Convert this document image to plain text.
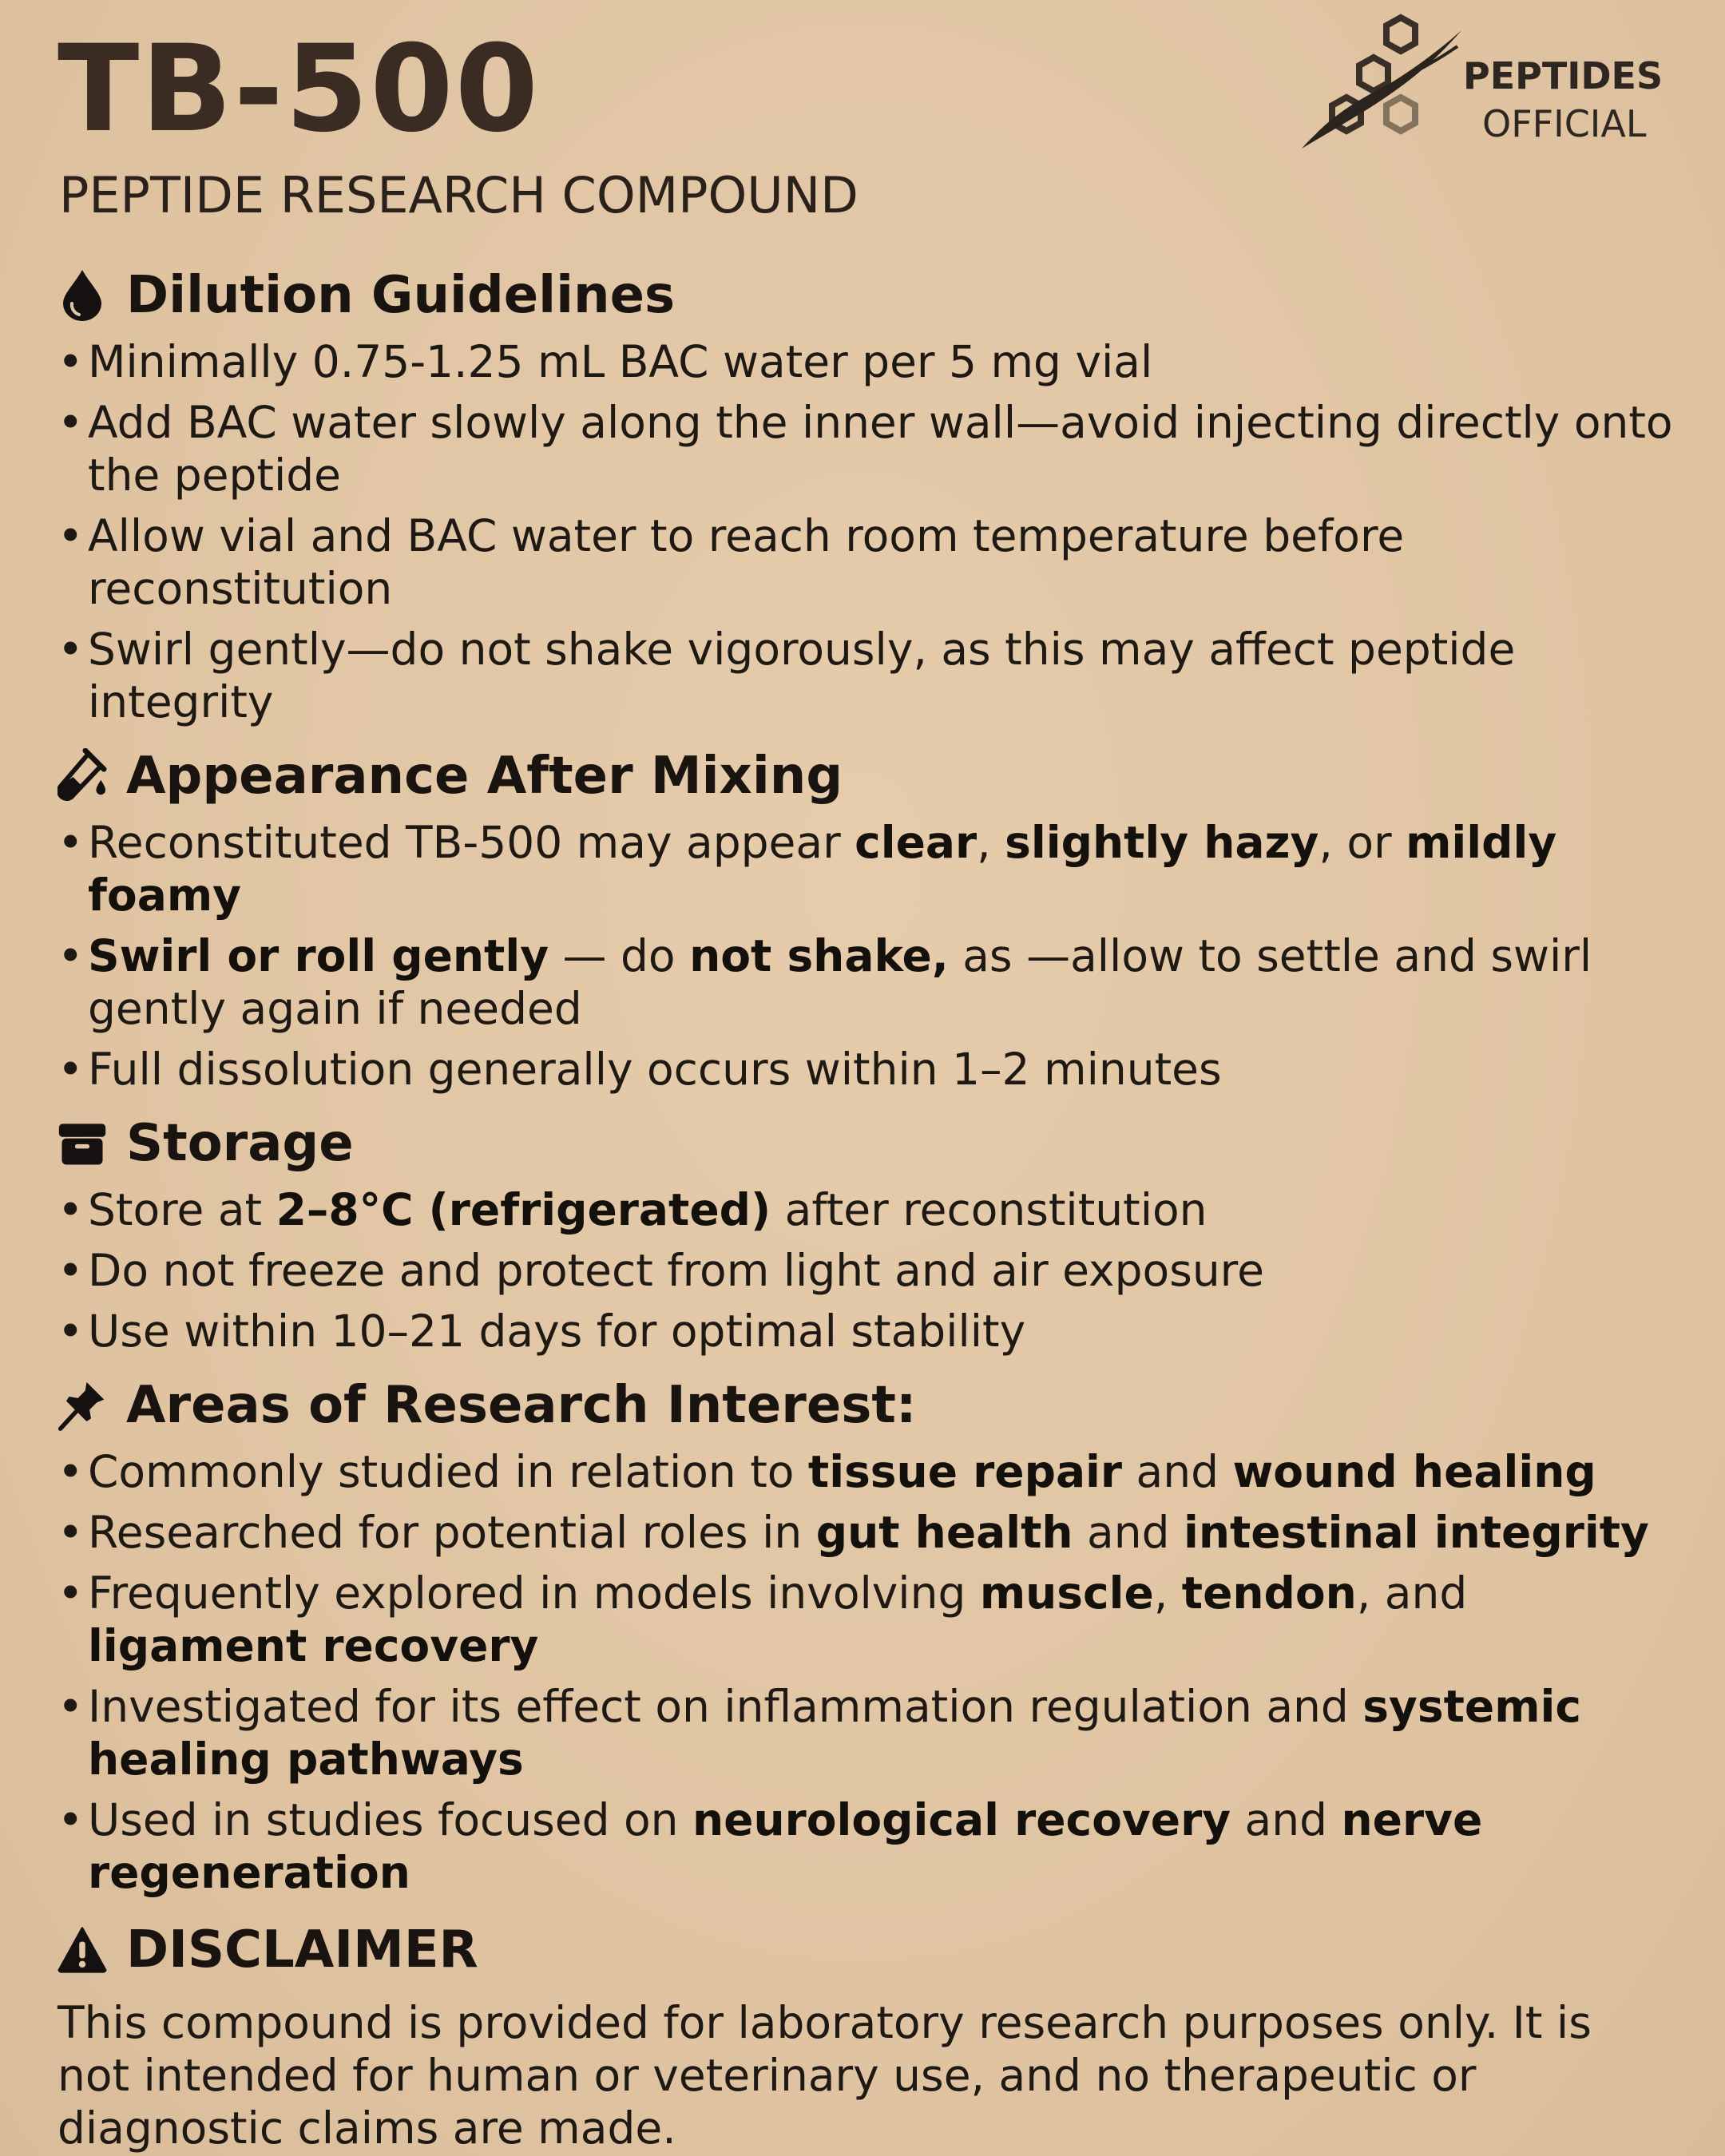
TB-500

PEPTIDE RESEARCH COMPOUND

PEPTIDES
OFFICIAL
Dilution Guidelines
• Minimally 0.75-1.25 mL BAC water per 5 mg vial
• Add BAC water slowly along the inner wall—avoid injecting directly onto the peptide
• Allow vial and BAC water to reach room temperature before reconstitution
• Swirl gently—do not shake vigorously, as this may affect peptide integrity
Appearance After Mixing
• Reconstituted TB-500 may appear clear, slightly hazy, or mildly foamy
• Swirl or roll gently — do not shake, as —allow to settle and swirl gently again if needed
• Full dissolution generally occurs within 1–2 minutes
Storage
• Store at 2–8°C (refrigerated) after reconstitution
• Do not freeze and protect from light and air exposure
• Use within 10–21 days for optimal stability
Areas of Research Interest:
• Commonly studied in relation to tissue repair and wound healing
• Researched for potential roles in gut health and intestinal integrity
• Frequently explored in models involving muscle, tendon, and ligament recovery
• Investigated for its effect on inflammation regulation and systemic healing pathways
• Used in studies focused on neurological recovery and nerve regeneration
DISCLAIMER

This compound is provided for laboratory research purposes only. It is not intended for human or veterinary use, and no therapeutic or diagnostic claims are made.
